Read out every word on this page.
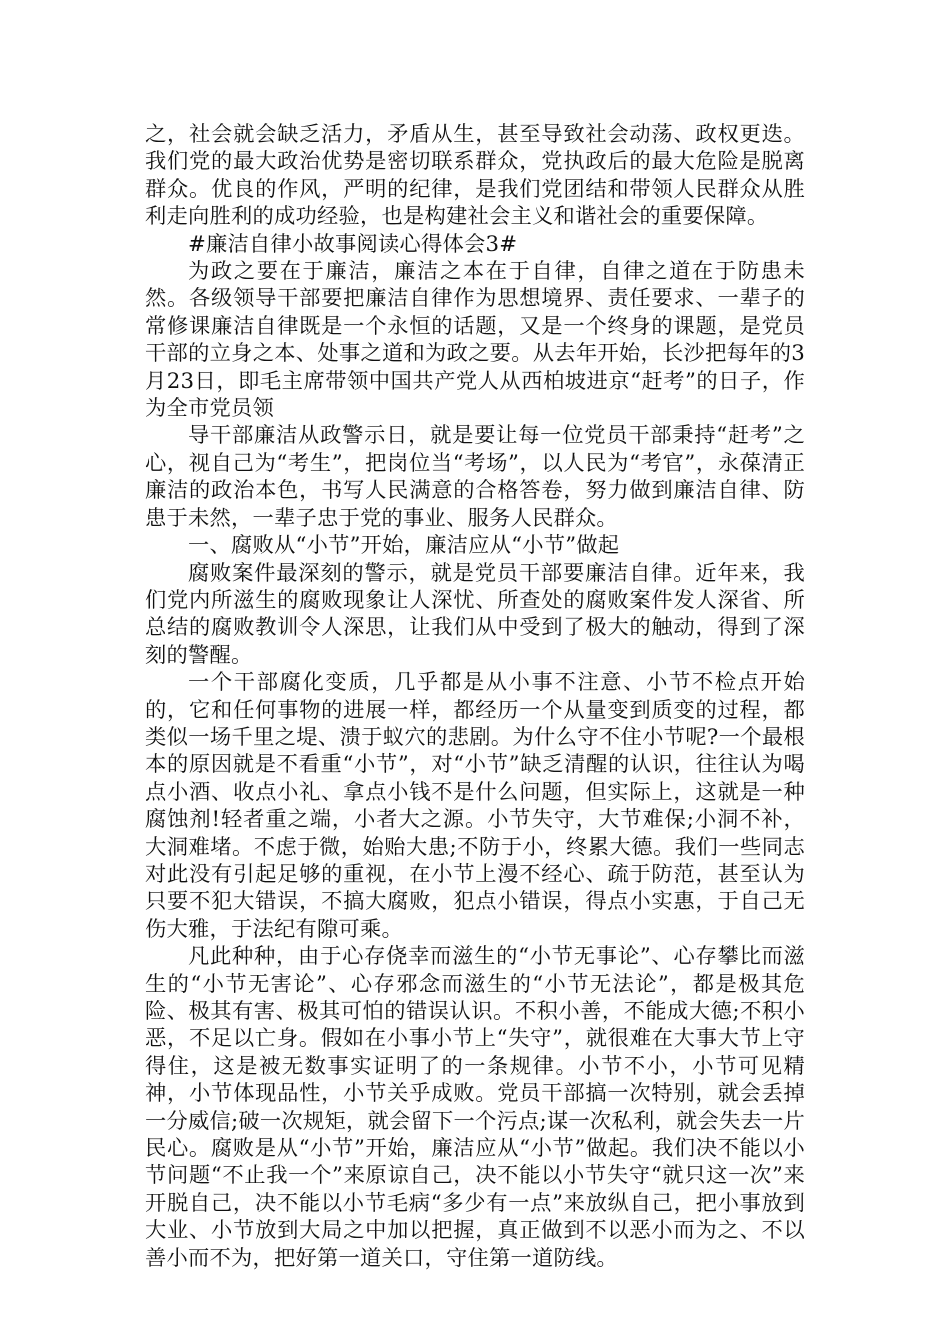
之，社会就会缺乏活力，矛盾从生，甚至导致社会动荡、政权更迭。我们党的最大政治优势是密切联系群众，党执政后的最大危险是脱离群众。优良的作风，严明的纪律，是我们党团结和带领人民群众从胜利走向胜利的成功经验，也是构建社会主义和谐社会的重要保障。

#廉洁自律小故事阅读心得体会3#

为政之要在于廉洁，廉洁之本在于自律，自律之道在于防患未然。各级领导干部要把廉洁自律作为思想境界、责任要求、一辈子的常修课廉洁自律既是一个永恒的话题，又是一个终身的课题，是党员干部的立身之本、处事之道和为政之要。从去年开始，长沙把每年的3月23日，即毛主席带领中国共产党人从西柏坡进京“赶考”的日子，作为全市党员领

导干部廉洁从政警示日，就是要让每一位党员干部秉持“赶考”之心，视自己为“考生”，把岗位当“考场”，以人民为“考官”，永葆清正廉洁的政治本色，书写人民满意的合格答卷，努力做到廉洁自律、防患于未然，一辈子忠于党的事业、服务人民群众。

一、腐败从“小节”开始，廉洁应从“小节”做起

腐败案件最深刻的警示，就是党员干部要廉洁自律。近年来，我们党内所滋生的腐败现象让人深忧、所查处的腐败案件发人深省、所总结的腐败教训令人深思，让我们从中受到了极大的触动，得到了深刻的警醒。

一个干部腐化变质，几乎都是从小事不注意、小节不检点开始的，它和任何事物的进展一样，都经历一个从量变到质变的过程，都类似一场千里之堤、溃于蚁穴的悲剧。为什么守不住小节呢?一个最根本的原因就是不看重“小节”，对“小节”缺乏清醒的认识，往往认为喝点小酒、收点小礼、拿点小钱不是什么问题，但实际上，这就是一种腐蚀剂!轻者重之端，小者大之源。小节失守，大节难保;小洞不补，大洞难堵。不虑于微，始贻大患;不防于小，终累大德。我们一些同志对此没有引起足够的重视，在小节上漫不经心、疏于防范，甚至认为只要不犯大错误，不搞大腐败，犯点小错误，得点小实惠，于自己无伤大雅，于法纪有隙可乘。

凡此种种，由于心存侥幸而滋生的“小节无事论”、心存攀比而滋生的“小节无害论”、心存邪念而滋生的“小节无法论”，都是极其危险、极其有害、极其可怕的错误认识。不积小善，不能成大德;不积小恶，不足以亡身。假如在小事小节上“失守”，就很难在大事大节上守得住，这是被无数事实证明了的一条规律。小节不小，小节可见精神，小节体现品性，小节关乎成败。党员干部搞一次特别，就会丢掉一分威信;破一次规矩，就会留下一个污点;谋一次私利，就会失去一片民心。腐败是从“小节”开始，廉洁应从“小节”做起。我们决不能以小节问题“不止我一个”来原谅自己，决不能以小节失守“就只这一次”来开脱自己，决不能以小节毛病“多少有一点”来放纵自己，把小事放到大业、小节放到大局之中加以把握，真正做到不以恶小而为之、不以善小而不为，把好第一道关口，守住第一道防线。
